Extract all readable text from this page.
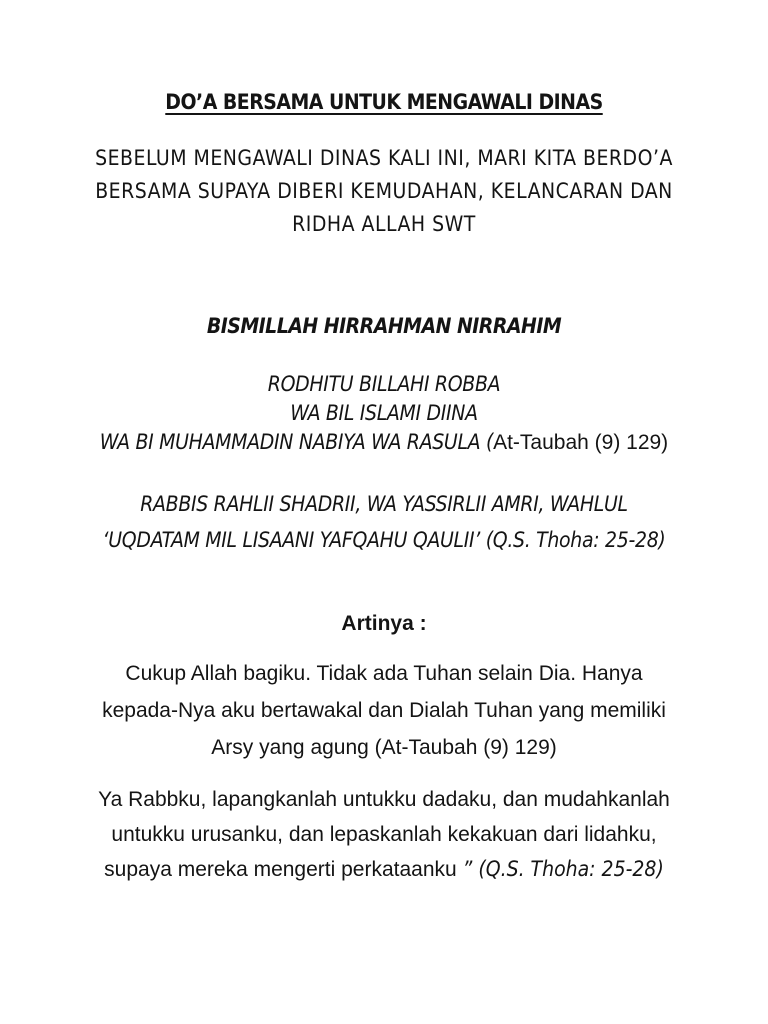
DO’A BERSAMA UNTUK MENGAWALI DINAS
SEBELUM MENGAWALI DINAS KALI INI, MARI KITA BERDO’A
BERSAMA SUPAYA DIBERI KEMUDAHAN, KELANCARAN DAN
RIDHA ALLAH SWT
BISMILLAH HIRRAHMAN NIRRAHIM
RODHITU BILLAHI ROBBA
WA BIL ISLAMI DIINA
WA BI MUHAMMADIN NABIYA WA RASULA (At-Taubah (9) 129)
RABBIS RAHLII SHADRII, WA YASSIRLII AMRI, WAHLUL
‘UQDATAM MIL LISAANI YAFQAHU QAULII’ (Q.S. Thoha: 25-28)
Artinya :
Cukup Allah bagiku. Tidak ada Tuhan selain Dia. Hanya
kepada-Nya aku bertawakal dan Dialah Tuhan yang memiliki
Arsy yang agung (At-Taubah (9) 129)
Ya Rabbku, lapangkanlah untukku dadaku, dan mudahkanlah
untukku urusanku, dan lepaskanlah kekakuan dari lidahku,
supaya mereka mengerti perkataanku ” (Q.S. Thoha: 25-28)
